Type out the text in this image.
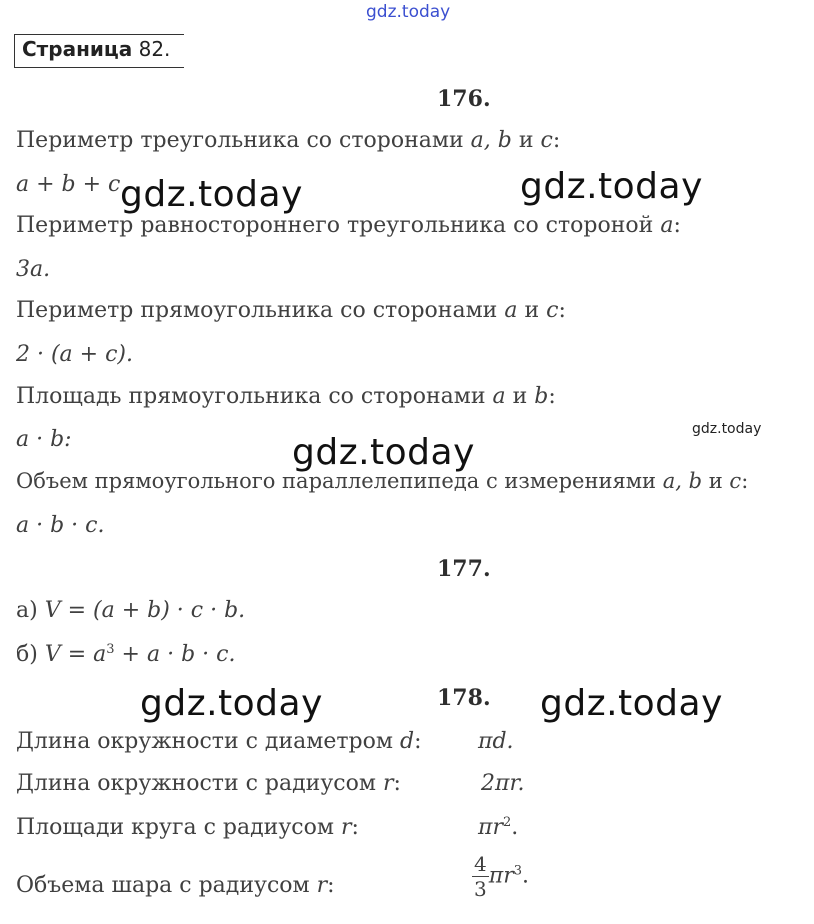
gdz.today
Страница 82.
176.
Периметр треугольника со сторонами a, b и c:
a + b + c
Периметр равностороннего треугольника со стороной a:
3a.
Периметр прямоугольника со сторонами a и c:
2 · (a + c).
Площадь прямоугольника со сторонами a и b:
a · b:
Объем прямоугольного параллелепипеда с измерениями a, b и c:
a · b · c.
177.
а) V = (a + b) · c · b.
б) $V = a^3 + a \cdot b \cdot c$.
178.
Длина окружности с диаметром d:	πd.
Длина окружности с радиусом r:	2πr.
Площади круга с радиусом r:	$\pi r^2$.
Объема шара с радиусом r:	$\frac{4}{3} \pi r^3$.
gdz.today	gdz.today
gdz.today
gdz.today
gdz.today	gdz.today
